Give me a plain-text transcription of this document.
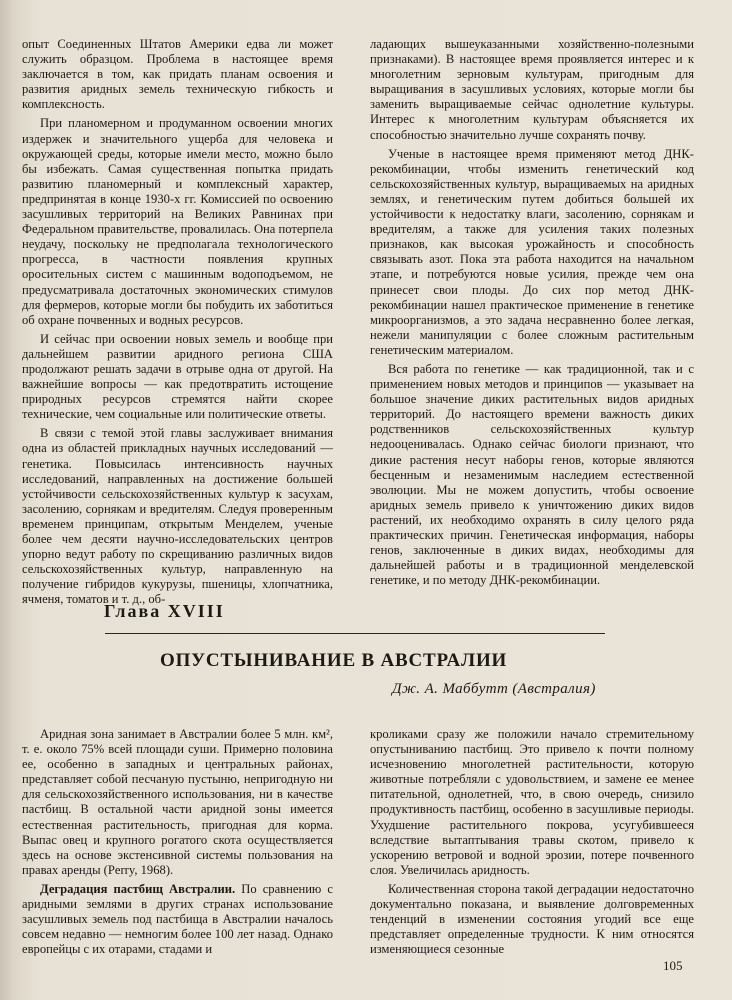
опыт Соединенных Штатов Америки едва ли может служить образцом. Проблема в настоящее время заключается в том, как придать планам освоения и развития аридных земель техническую гибкость и комплексность.

При планомерном и продуманном освоении многих издержек и значительного ущерба для человека и окружающей среды, которые имели место, можно было бы избежать. Самая существенная попытка придать развитию планомерный и комплексный характер, предпринятая в конце 1930-х гг. Комиссией по освоению засушливых территорий на Великих Равнинах при Федеральном правительстве, провалилась. Она потерпела неудачу, поскольку не предполагала технологического прогресса, в частности появления крупных оросительных систем с машинным водоподъемом, не предусматривала достаточных экономических стимулов для фермеров, которые могли бы побудить их заботиться об охране почвенных и водных ресурсов.

И сейчас при освоении новых земель и вообще при дальнейшем развитии аридного региона США продолжают решать задачи в отрыве одна от другой. На важнейшие вопросы — как предотвратить истощение природных ресурсов стремятся найти скорее технические, чем социальные или политические ответы.

В связи с темой этой главы заслуживает внимания одна из областей прикладных научных исследований — генетика. Повысилась интенсивность научных исследований, направленных на достижение большей устойчивости сельскохозяйственных культур к засухам, засолению, сорнякам и вредителям. Следуя проверенным временем принципам, открытым Менделем, ученые более чем десяти научно-исследовательских центров упорно ведут работу по скрещиванию различных видов сельскохозяйственных культур, направленную на получение гибридов кукурузы, пшеницы, хлопчатника, ячменя, томатов и т. д., об-

ладающих вышеуказанными хозяйственно-полезными признаками). В настоящее время проявляется интерес и к многолетним зерновым культурам, пригодным для выращивания в засушливых условиях, которые могли бы заменить выращиваемые сейчас однолетние культуры. Интерес к многолетним культурам объясняется их способностью значительно лучше сохранять почву.

Ученые в настоящее время применяют метод ДНК-рекомбинации, чтобы изменить генетический код сельскохозяйственных культур, выращиваемых на аридных землях, и генетическим путем добиться большей их устойчивости к недостатку влаги, засолению, сорнякам и вредителям, а также для усиления таких полезных признаков, как высокая урожайность и способность связывать азот. Пока эта работа находится на начальном этапе, и потребуются новые усилия, прежде чем она принесет свои плоды. До сих пор метод ДНК-рекомбинации нашел практическое применение в генетике микроорганизмов, а это задача несравненно более легкая, нежели манипуляции с более сложным растительным генетическим материалом.

Вся работа по генетике — как традиционной, так и с применением новых методов и принципов — указывает на большое значение диких растительных видов аридных территорий. До настоящего времени важность диких родственников сельскохозяйственных культур недооценивалась. Однако сейчас биологи признают, что дикие растения несут наборы генов, которые являются бесценным и незаменимым наследием естественной эволюции. Мы не можем допустить, чтобы освоение аридных земель привело к уничтожению диких видов растений, их необходимо охранять в силу целого ряда практических причин. Генетическая информация, наборы генов, заключенные в диких видах, необходимы для дальнейшей работы и в традиционной менделевской генетике, и по методу ДНК-рекомбинации.

Глава XVIII
ОПУСТЫНИВАНИЕ В АВСТРАЛИИ
Дж. А. Маббутт (Австралия)

Аридная зона занимает в Австралии более 5 млн. км², т. е. около 75% всей площади суши. Примерно половина ее, особенно в западных и центральных районах, представляет собой песчаную пустыню, непригодную ни для сельскохозяйственного использования, ни в качестве пастбищ. В остальной части аридной зоны имеется естественная растительность, пригодная для корма. Выпас овец и крупного рогатого скота осуществляется здесь на основе экстенсивной системы пользования на правах аренды (Perry, 1968).

Деградация пастбищ Австралии. По сравнению с аридными землями в других странах использование засушливых земель под пастбища в Австралии началось совсем недавно — немногим более 100 лет назад. Однако европейцы с их отарами, стадами и

кроликами сразу же положили начало стремительному опустыниванию пастбищ. Это привело к почти полному исчезновению многолетней растительности, которую животные потребляли с удовольствием, и замене ее менее питательной, однолетней, что, в свою очередь, снизило продуктивность пастбищ, особенно в засушливые периоды. Ухудшение растительного покрова, усугубившееся вследствие вытаптывания травы скотом, привело к ускорению ветровой и водной эрозии, потере почвенного слоя. Увеличилась аридность.

Количественная сторона такой деградации недостаточно документально показана, и выявление долговременных тенденций в изменении состояния угодий все еще представляет определенные трудности. К ним относятся изменяющиеся сезонные

105
